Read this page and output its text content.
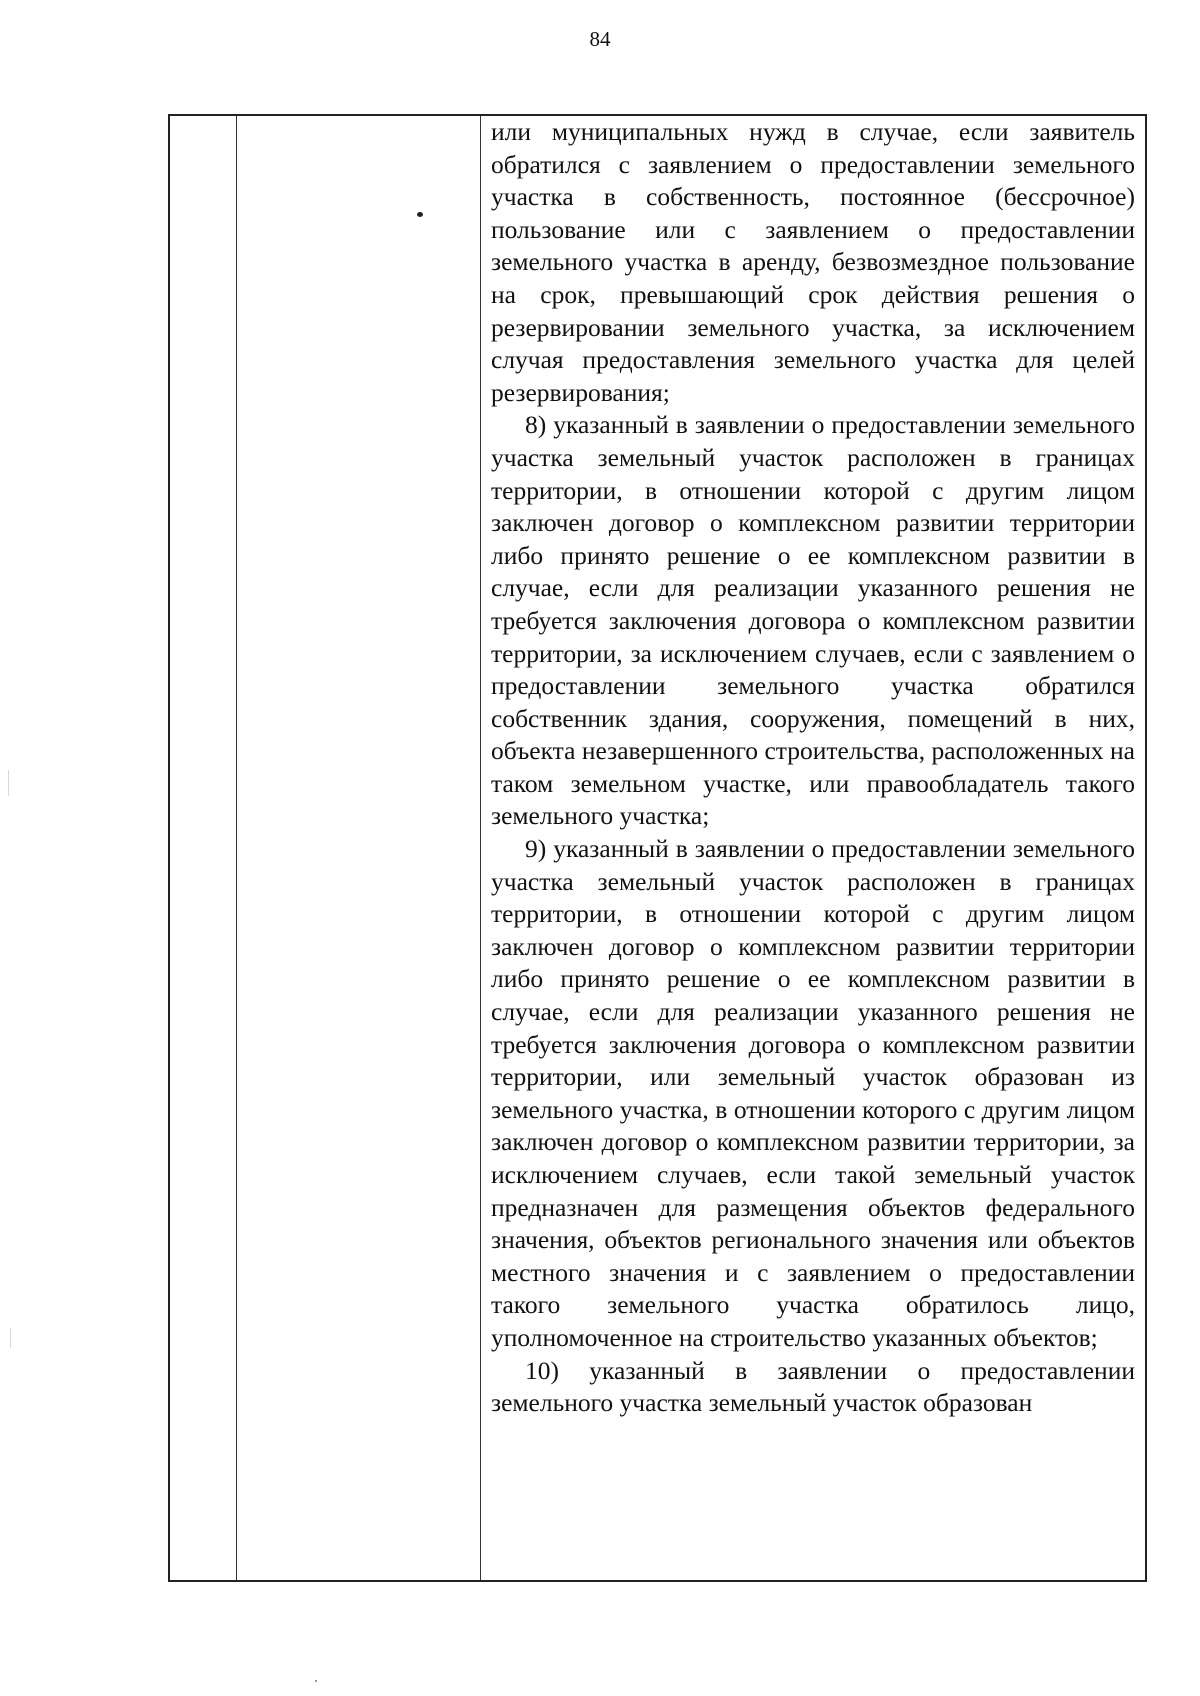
84

или муниципальных нужд в случае, если заявитель обратился с заявлением о предоставлении земельного участка в собственность, постоянное (бессрочное) пользование или с заявлением о предоставлении земельного участка в аренду, безвозмездное пользование на срок, превышающий срок действия решения о резервировании земельного участка, за исключением случая предоставления земельного участка для целей резервирования;

8) указанный в заявлении о предоставлении земельного участка земельный участок расположен в границах территории, в отношении которой с другим лицом заключен договор о комплексном развитии территории либо принято решение о ее комплексном развитии в случае, если для реализации указанного решения не требуется заключения договора о комплексном развитии территории, за исключением случаев, если с заявлением о предоставлении земельного участка обратился собственник здания, сооружения, помещений в них, объекта незавершенного строительства, расположенных на таком земельном участке, или правообладатель такого земельного участка;

9) указанный в заявлении о предоставлении земельного участка земельный участок расположен в границах территории, в отношении которой с другим лицом заключен договор о комплексном развитии территории либо принято решение о ее комплексном развитии в случае, если для реализации указанного решения не требуется заключения договора о комплексном развитии территории, или земельный участок образован из земельного участка, в отношении которого с другим лицом заключен договор о комплексном развитии территории, за исключением случаев, если такой земельный участок предназначен для размещения объектов федерального значения, объектов регионального значения или объектов местного значения и с заявлением о предоставлении такого земельного участка обратилось лицо, уполномоченное на строительство указанных объектов;

10) указанный в заявлении о предоставлении земельного участка земельный участок образован
